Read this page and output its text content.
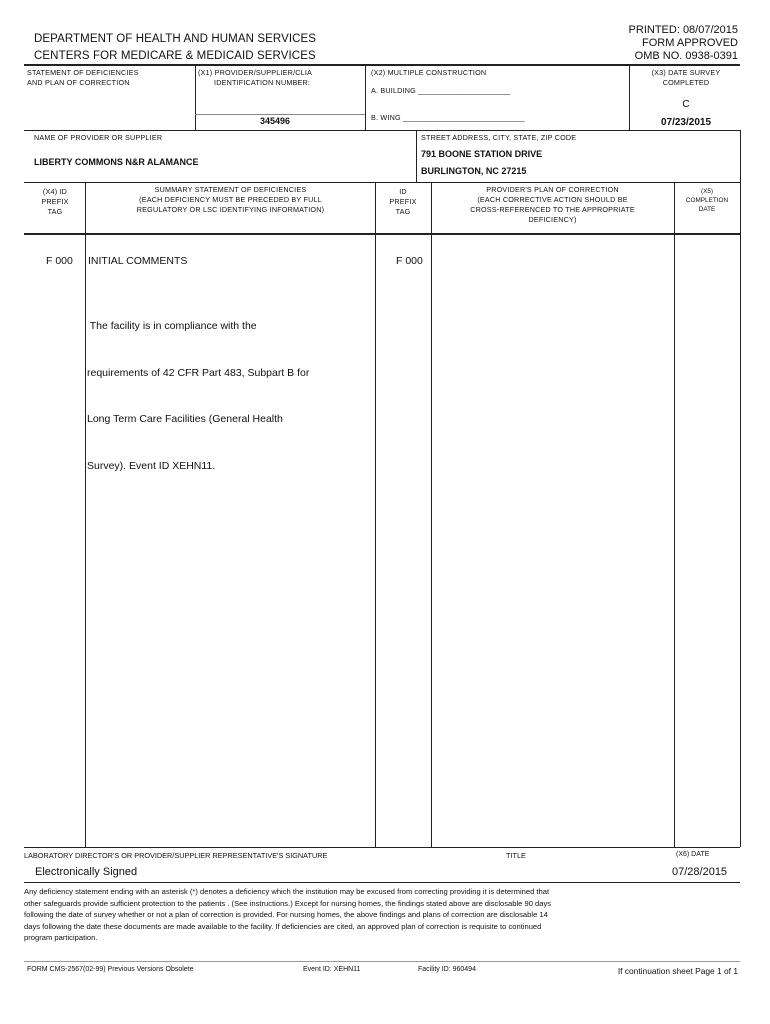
DEPARTMENT OF HEALTH AND HUMAN SERVICES
CENTERS FOR MEDICARE & MEDICAID SERVICES
PRINTED: 08/07/2015
FORM APPROVED
OMB NO. 0938-0391
STATEMENT OF DEFICIENCIES
AND PLAN OF CORRECTION
(X1) PROVIDER/SUPPLIER/CLIA
IDENTIFICATION NUMBER:
345496
(X2) MULTIPLE CONSTRUCTION
A. BUILDING ______________________
B. WING _____________________________
(X3) DATE SURVEY
COMPLETED
C
07/23/2015
NAME OF PROVIDER OR SUPPLIER
LIBERTY COMMONS N&R ALAMANCE
STREET ADDRESS, CITY, STATE, ZIP CODE
791 BOONE STATION DRIVE
BURLINGTON, NC 27215
(X4) ID
PREFIX
TAG
SUMMARY STATEMENT OF DEFICIENCIES
(EACH DEFICIENCY MUST BE PRECEDED BY FULL
REGULATORY OR LSC IDENTIFYING INFORMATION)
ID
PREFIX
TAG
PROVIDER'S PLAN OF CORRECTION
(EACH CORRECTIVE ACTION SHOULD BE
CROSS-REFERENCED TO THE APPROPRIATE
DEFICIENCY)
(X5)
COMPLETION
DATE
F 000 INITIAL COMMENTS	F 000

The facility is in compliance with the

requirements of 42 CFR Part 483, Subpart B for

Long Term Care Facilities (General Health

Survey). Event ID XEHN11.

LABORATORY DIRECTOR'S OR PROVIDER/SUPPLIER REPRESENTATIVE'S SIGNATURE	TITLE	(X6) DATE
Electronically Signed	07/28/2015
Any deficiency statement ending with an asterisk (*) denotes a deficiency which the institution may be excused from correcting providing it is determined that
other safeguards provide sufficient protection to the patients . (See instructions.) Except for nursing homes, the findings stated above are disclosable 90 days
following the date of survey whether or not a plan of correction is provided. For nursing homes, the above findings and plans of correction are disclosable 14
days following the date these documents are made available to the facility. If deficiencies are cited, an approved plan of correction is requisite to continued
program participation.
FORM CMS-2567(02-99) Previous Versions Obsolete	Event ID: XEHN11	Facility ID: 960494	If continuation sheet Page 1 of 1
